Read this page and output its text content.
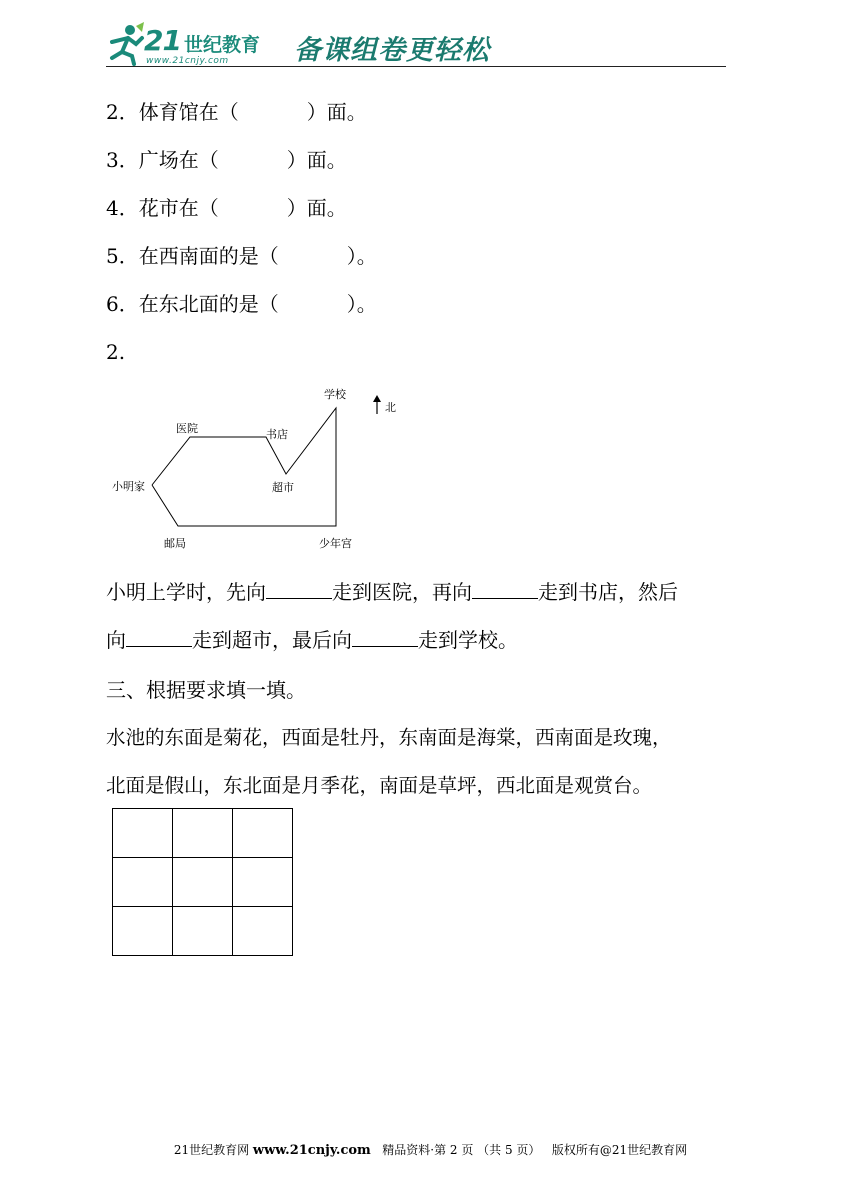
21 世纪教育
www.21cnjy.com 备课组卷更轻松
2．体育馆在（	）面。
3．广场在（	）面。
4．花市在（	）面。
5．在西南面的是（	）。
6．在东北面的是（	）。
2.
小明家
医院	书店
超市
学校
邮局	少年宫
北
小明上学时，先向	走到医院，再向	走到书店，然后
向	走到超市，最后向	走到学校。
三、根据要求填一填。
水池的东面是菊花，西面是牡丹，东南面是海棠，西南面是玫瑰，
北面是假山，东北面是月季花，南面是草坪，西北面是观赏台。

21世纪教育网 www.21cnjy.com 精品资料·第 2 页 （共 5 页） 版权所有@21世纪教育网
